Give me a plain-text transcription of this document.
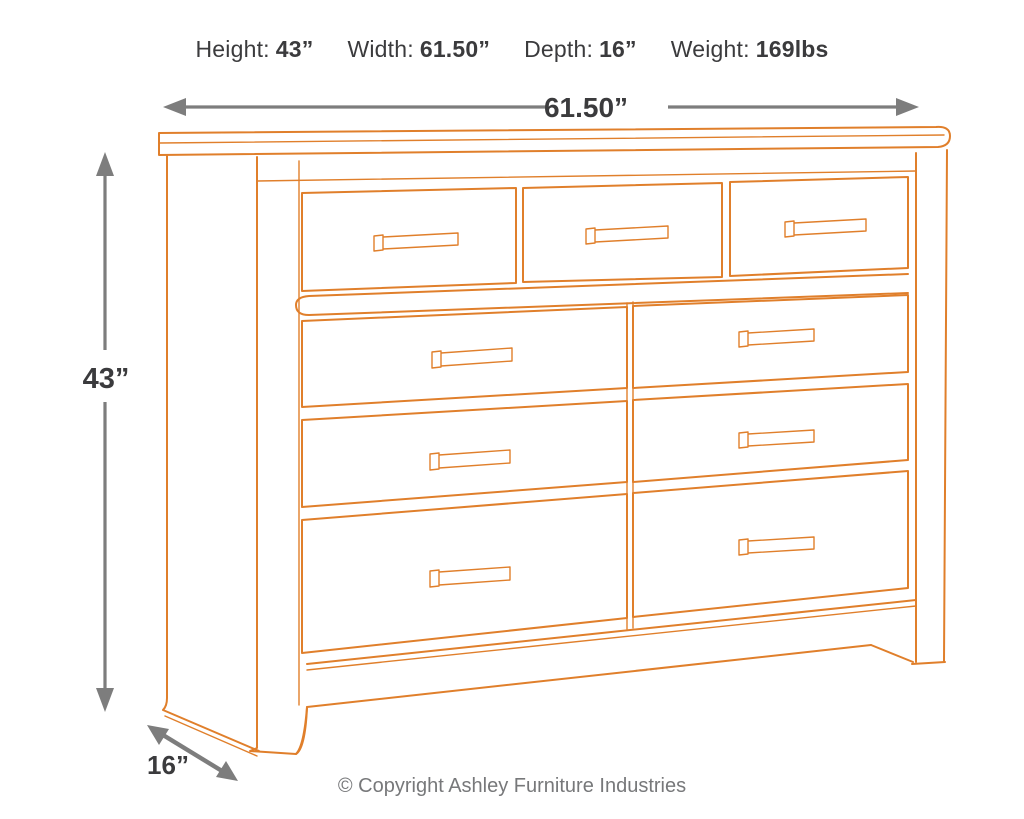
Height: 43” Width: 61.50” Depth: 16” Weight: 169lbs
61.50”
43”
16”
© Copyright Ashley Furniture Industries
